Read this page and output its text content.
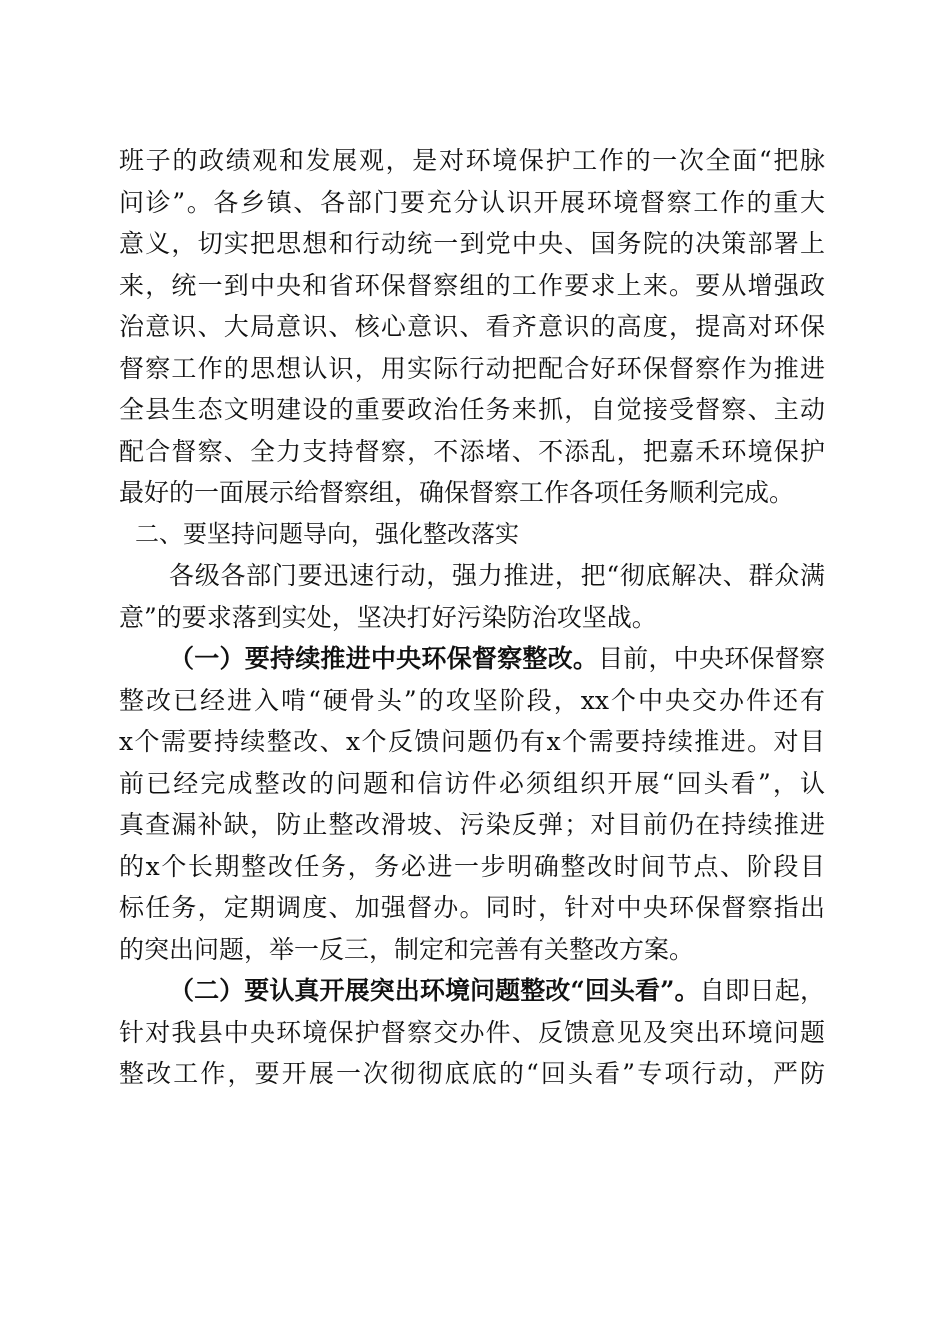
班子的政绩观和发展观，是对环境保护工作的一次全面“把脉
问诊”。各乡镇、各部门要充分认识开展环境督察工作的重大
意义，切实把思想和行动统一到党中央、国务院的决策部署上
来，统一到中央和省环保督察组的工作要求上来。要从增强政
治意识、大局意识、核心意识、看齐意识的高度，提高对环保
督察工作的思想认识，用实际行动把配合好环保督察作为推进
全县生态文明建设的重要政治任务来抓，自觉接受督察、主动
配合督察、全力支持督察，不添堵、不添乱，把嘉禾环境保护
最好的一面展示给督察组，确保督察工作各项任务顺利完成。
二、要坚持问题导向，强化整改落实
各级各部门要迅速行动，强力推进，把“彻底解决、群众满
意”的要求落到实处，坚决打好污染防治攻坚战。
（一）要持续推进中央环保督察整改。目前，中央环保督察
整改已经进入啃“硬骨头”的攻坚阶段，xx个中央交办件还有
x个需要持续整改、x个反馈问题仍有x个需要持续推进。对目
前已经完成整改的问题和信访件必须组织开展“回头看”，认
真查漏补缺，防止整改滑坡、污染反弹；对目前仍在持续推进
的x个长期整改任务，务必进一步明确整改时间节点、阶段目
标任务，定期调度、加强督办。同时，针对中央环保督察指出
的突出问题，举一反三，制定和完善有关整改方案。
（二）要认真开展突出环境问题整改“回头看”。自即日起，
针对我县中央环境保护督察交办件、反馈意见及突出环境问题
整改工作，要开展一次彻彻底底的“回头看”专项行动，严防
